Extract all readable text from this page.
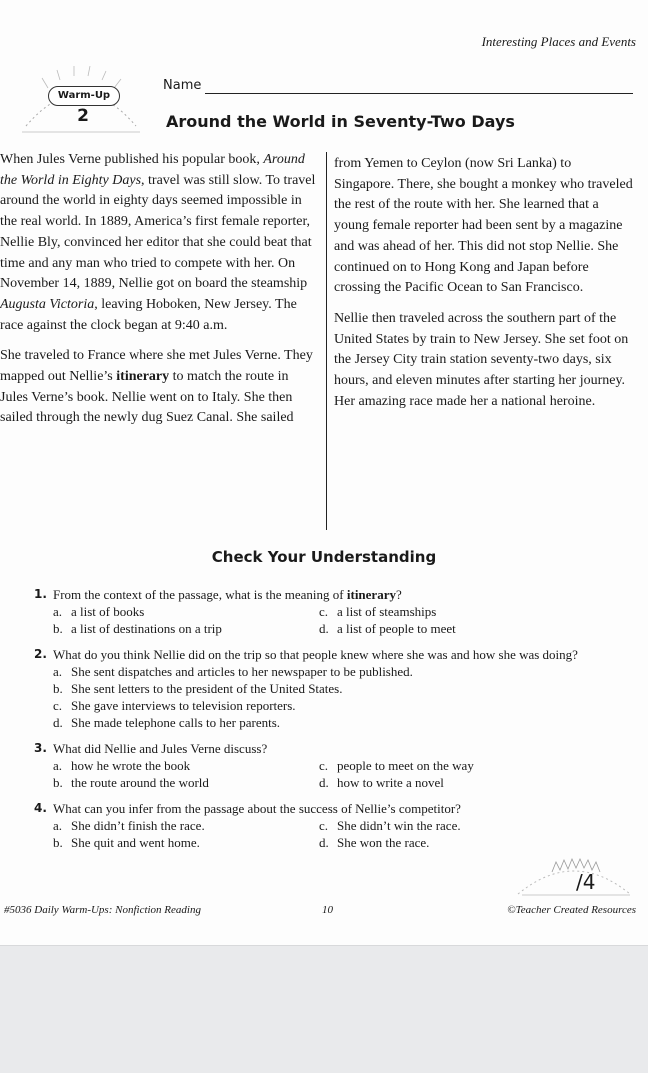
Interesting Places and Events
Warm-Up
2
Name
Around the World in Seventy-Two Days

When Jules Verne published his popular book, Around the World in Eighty Days, travel was still slow. To travel around the world in eighty days seemed impossible in the real world. In 1889, America’s first female reporter, Nellie Bly, convinced her editor that she could beat that time and any man who tried to compete with her. On November 14, 1889, Nellie got on board the steamship Augusta Victoria, leaving Hoboken, New Jersey. The race against the clock began at 9:40 a.m.

She traveled to France where she met Jules Verne. They mapped out Nellie’s itinerary to match the route in Jules Verne’s book. Nellie went on to Italy. She then sailed through the newly dug Suez Canal. She sailed

from Yemen to Ceylon (now Sri Lanka) to Singapore. There, she bought a monkey who traveled the rest of the route with her. She learned that a young female reporter had been sent by a magazine and was ahead of her. This did not stop Nellie. She continued on to Hong Kong and Japan before crossing the Pacific Ocean to San Francisco.

Nellie then traveled across the southern part of the United States by train to New Jersey. She set foot on the Jersey City train station seventy-two days, six hours, and eleven minutes after starting her journey. Her amazing race made her a national heroine.

Check Your Understanding
1. From the context of the passage, what is the meaning of itinerary?
a. a list of books	c. a list of steamships
b. a list of destinations on a trip	d. a list of people to meet
2. What do you think Nellie did on the trip so that people knew where she was and how she was doing?
a. She sent dispatches and articles to her newspaper to be published.
b. She sent letters to the president of the United States.
c. She gave interviews to television reporters.
d. She made telephone calls to her parents.
3. What did Nellie and Jules Verne discuss?
a. how he wrote the book	c. people to meet on the way
b. the route around the world	d. how to write a novel
4. What can you infer from the passage about the success of Nellie’s competitor?
a. She didn’t finish the race.	c. She didn’t win the race.
b. She quit and went home.	d. She won the race.
/4
#5036 Daily Warm-Ups: Nonfiction Reading	10	©Teacher Created Resources
